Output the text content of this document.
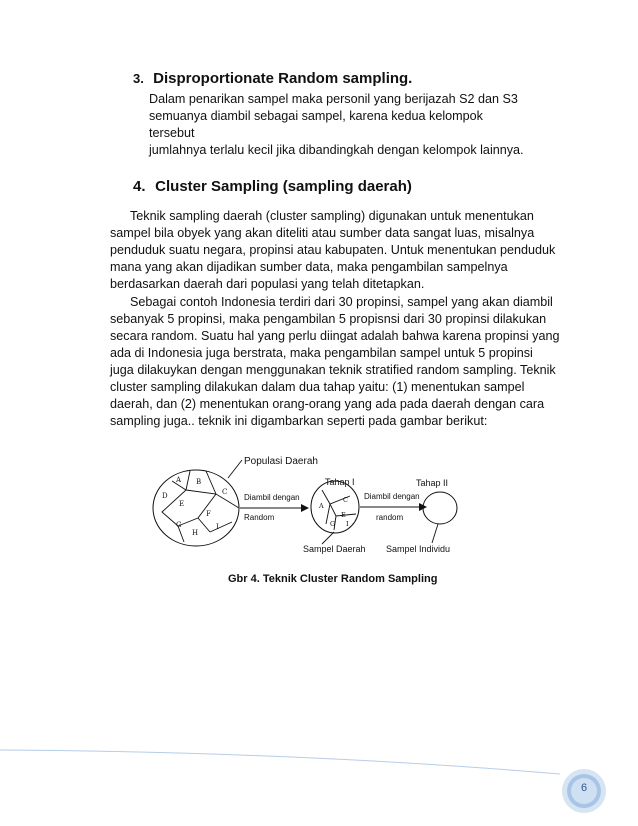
3. Disproportionate Random sampling.
Dalam penarikan sampel maka personil yang berijazah S2 dan S3
semuanya diambil sebagai sampel, karena kedua kelompok tersebut
jumlahnya terlalu kecil jika dibandingkah dengan kelompok lainnya.
4. Cluster Sampling (sampling daerah)
Teknik sampling daerah (cluster sampling) digunakan untuk menentukan sampel bila obyek yang akan diteliti atau sumber data sangat luas, misalnya penduduk suatu negara, propinsi atau kabupaten. Untuk menentukan penduduk mana yang akan dijadikan sumber data, maka pengambilan sampelnya berdasarkan daerah dari populasi yang telah ditetapkan.
Sebagai contoh Indonesia terdiri dari 30 propinsi, sampel yang akan diambil sebanyak 5 propinsi, maka pengambilan 5 propisnsi dari 30 propinsi dilakukan secara random. Suatu hal yang perlu diingat adalah bahwa karena propinsi yang ada di Indonesia juga berstrata, maka pengambilan sampel untuk 5 propinsi juga dilakuykan dengan menggunakan teknik stratified random sampling. Teknik cluster sampling dilakukan dalam dua tahap yaitu: (1) menentukan sampel daerah, dan (2) menentukan orang-orang yang ada pada daerah dengan cara sampling juga.. teknik ini digambarkan seperti pada gambar berikut:
A B
C
D
E
F
G
H
I
Populasi Daerah
Diambil dengan
Random
A
C
E
G I
Tahap I
Diambil dengan
random
Tahap II
Sampel Daerah Sampel Individu
Gbr 4. Teknik Cluster Random Sampling
6
